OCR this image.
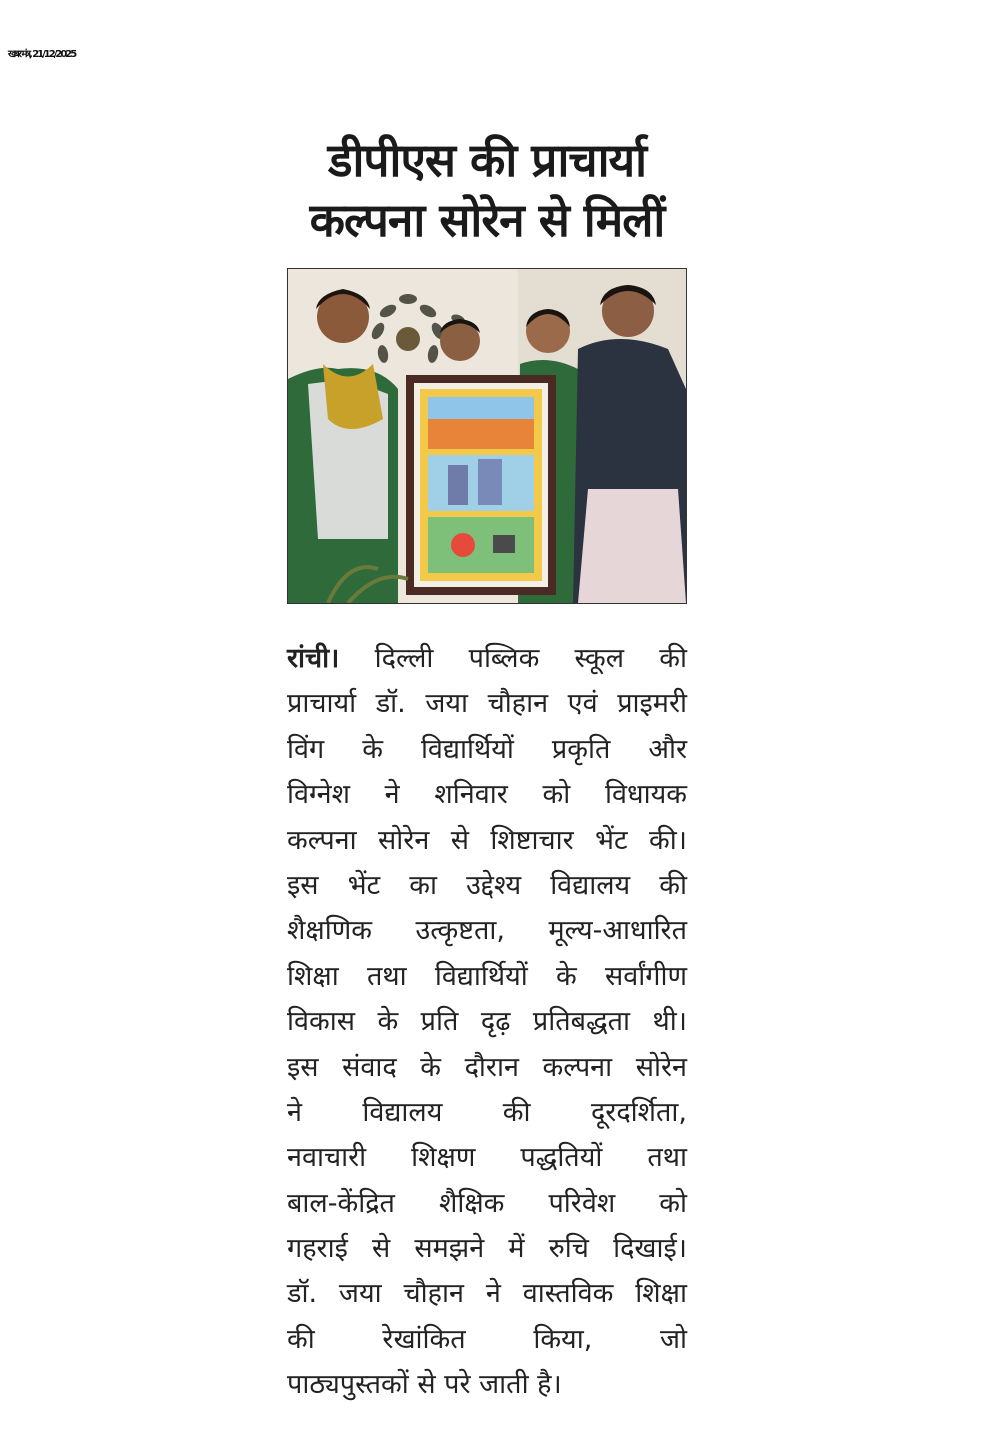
खबर मंत्र, 21/12/2025
डीपीएस की प्राचार्या
कल्पना सोरेन से मिलीं
रांची। दिल्ली पब्लिक स्कूल की
प्राचार्या डॉ. जया चौहान एवं प्राइमरी
विंग के विद्यार्थियों प्रकृति और
विग्नेश ने शनिवार को विधायक
कल्पना सोरेन से शिष्टाचार भेंट की।
इस भेंट का उद्देश्य विद्यालय की
शैक्षणिक उत्कृष्टता, मूल्य-आधारित
शिक्षा तथा विद्यार्थियों के सर्वांगीण
विकास के प्रति दृढ़ प्रतिबद्धता थी।
इस संवाद के दौरान कल्पना सोरेन
ने विद्यालय की दूरदर्शिता,
नवाचारी शिक्षण पद्धतियों तथा
बाल-केंद्रित शैक्षिक परिवेश को
गहराई से समझने में रुचि दिखाई।
डॉ. जया चौहान ने वास्तविक शिक्षा
की रेखांकित किया, जो
पाठ्यपुस्तकों से परे जाती है।
